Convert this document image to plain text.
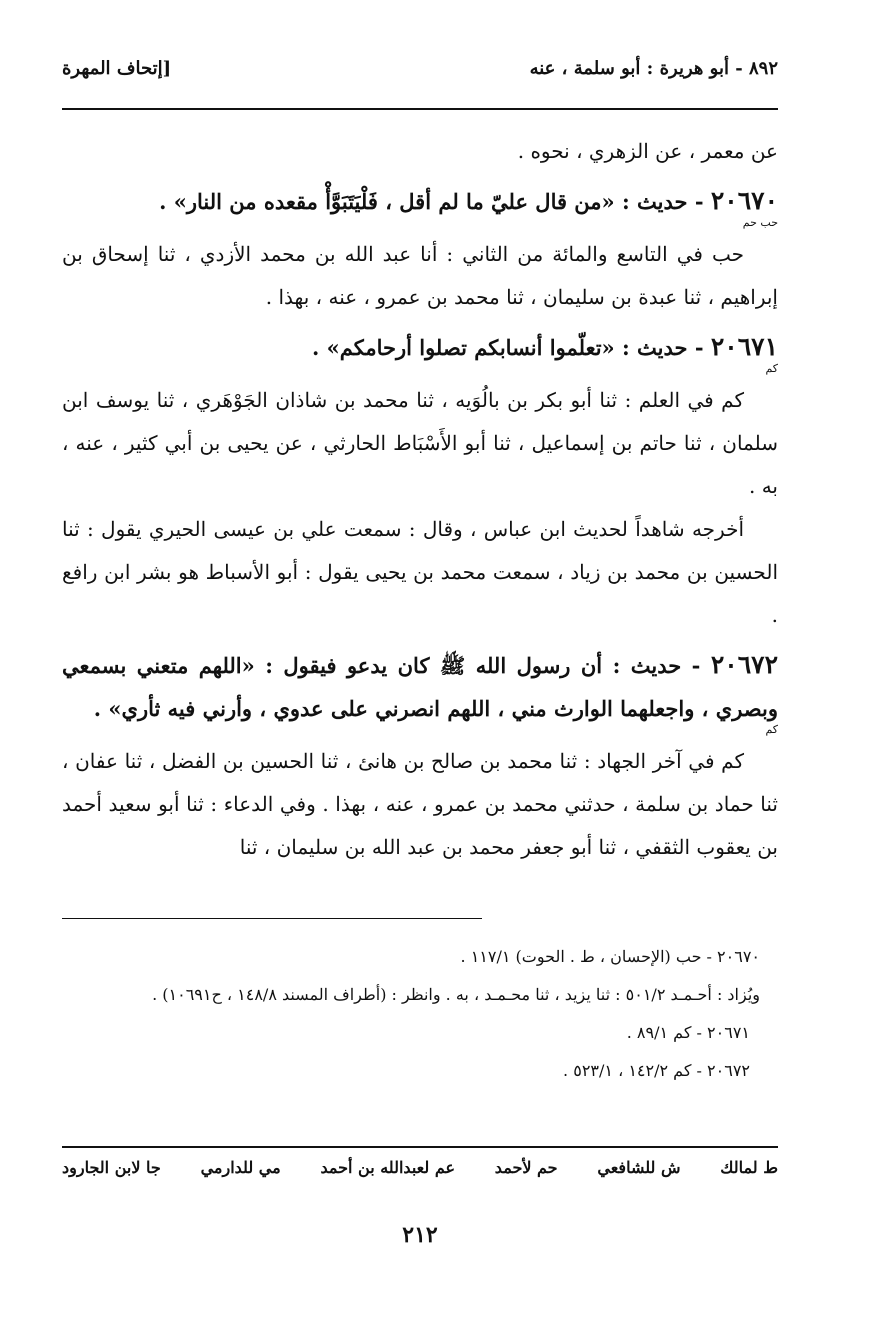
٨٩٢ - أبو هريرة : أبو سلمة ، عنه
[إتحاف المهرة

عن معمر ، عن الزهري ، نحوه .

٢٠٦٧٠ - حديث : «من قال عليّ ما لم أقل ، فَلْيَتَبَوَّأْ مقعده من النار» .

حب حم

حب في التاسع والمائة من الثاني : أنا عبد الله بن محمد الأزدي ، ثنا إسحاق بن إبراهيم ، ثنا عبدة بن سليمان ، ثنا محمد بن عمرو ، عنه ، بهذا .

٢٠٦٧١ - حديث : «تعلّموا أنسابكم تصلوا أرحامكم» .

كم

كم في العلم : ثنا أبو بكر بن بالُوَيه ، ثنا محمد بن شاذان الجَوْهَري ، ثنا يوسف ابن سلمان ، ثنا حاتم بن إسماعيل ، ثنا أبو الأَسْبَاط الحارثي ، عن يحيى بن أبي كثير ، عنه ، به .

أخرجه شاهداً لحديث ابن عباس ، وقال : سمعت علي بن عيسى الحيري يقول : ثنا الحسين بن محمد بن زياد ، سمعت محمد بن يحيى يقول : أبو الأسباط هو بشر ابن رافع .

٢٠٦٧٢ - حديث : أن رسول الله ﷺ كان يدعو فيقول : «اللهم متعني بسمعي وبصري ، واجعلهما الوارث مني ، اللهم انصرني على عدوي ، وأرني فيه ثأري» .

كم

كم في آخر الجهاد : ثنا محمد بن صالح بن هانئ ، ثنا الحسين بن الفضل ، ثنا عفان ، ثنا حماد بن سلمة ، حدثني محمد بن عمرو ، عنه ، بهذا . وفي الدعاء : ثنا أبو سعيد أحمد بن يعقوب الثقفي ، ثنا أبو جعفر محمد بن عبد الله بن سليمان ، ثنا

٢٠٦٧٠ - حب (الإحسان ، ط . الحوت) ١١٧/١ .

ويُزاد : أحـمـد ٥٠١/٢ : ثنا يزيد ، ثنا محـمـد ، به . وانظر : (أطراف المسند ١٤٨/٨ ، ح١٠٦٩١) .

٢٠٦٧١ - كم ٨٩/١ .

٢٠٦٧٢ - كم ١٤٢/٢ ، ٥٢٣/١ .

ط لمالك
ش للشافعي
حم لأحمد
عم لعبدالله بن أحمد
مي للدارمي
جا لابن الجارود
٢١٢
